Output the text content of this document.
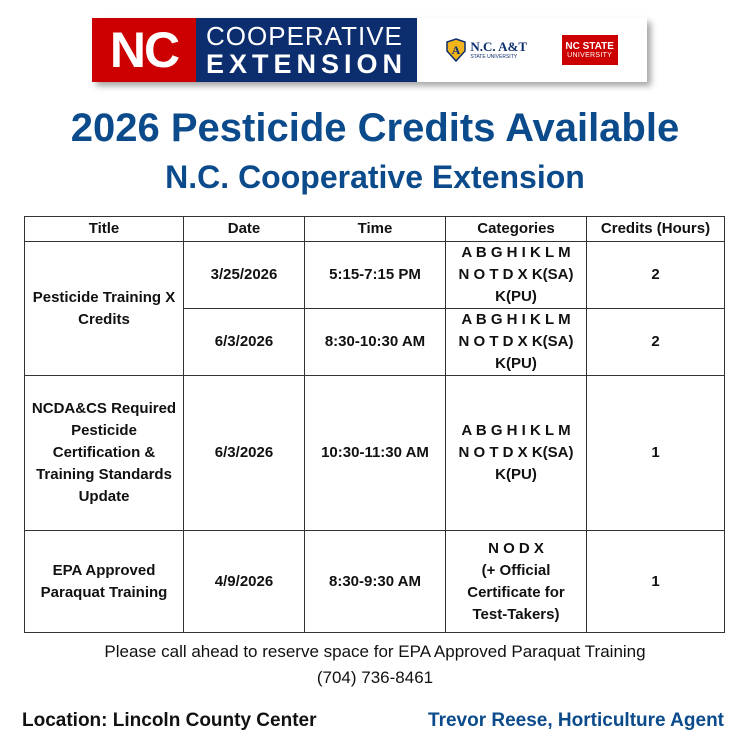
NC COOPERATIVE
EXTENSION	A N.C. A&T
STATE UNIVERSITY
NC STATE
UNIVERSITY
2026 Pesticide Credits Available
N.C. Cooperative Extension
Title	Date	Time	Categories	Credits (Hours)
Pesticide Training X Credits	3/25/2026	5:15-7:15 PM	A B G H I K L M
N O T D X K(SA)
K(PU)	2
	6/3/2026	8:30-10:30 AM	A B G H I K L M
N O T D X K(SA)
K(PU)	2
NCDA&CS Required Pesticide Certification & Training Standards Update	6/3/2026	10:30-11:30 AM	A B G H I K L M
N O T D X K(SA)
K(PU)	1
EPA Approved Paraquat Training	4/9/2026	8:30-9:30 AM	N O D X
(+ Official
Certificate for
Test-Takers)	1
Please call ahead to reserve space for EPA Approved Paraquat Training
(704) 736-8461
Location: Lincoln County Center	Trevor Reese, Horticulture Agent
